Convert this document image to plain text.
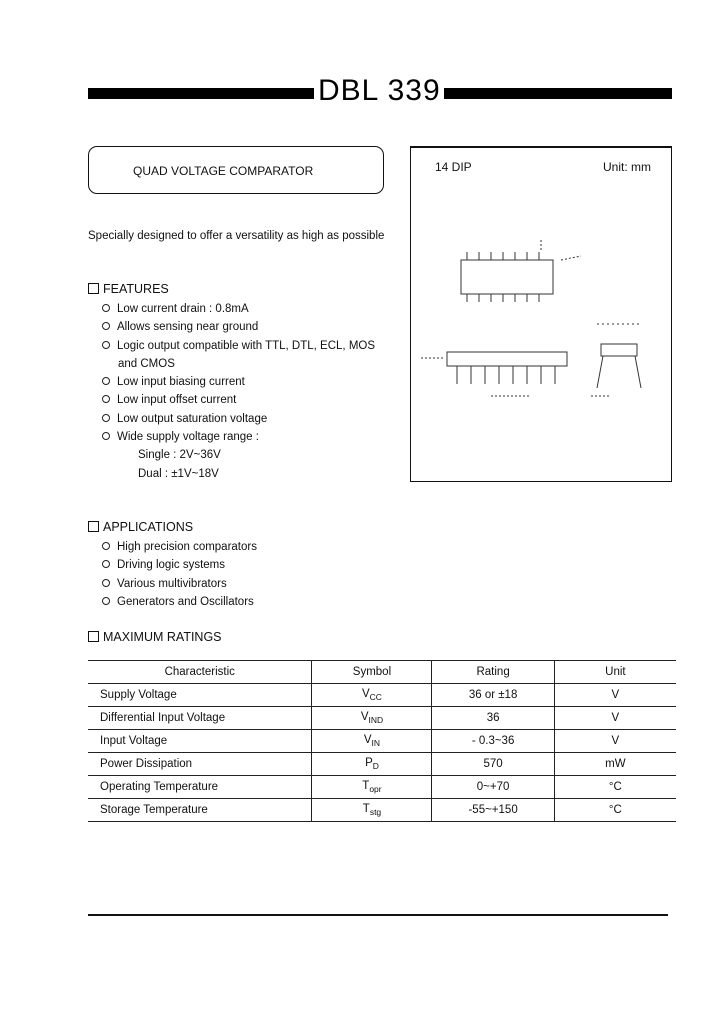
DBL 339
QUAD VOLTAGE COMPARATOR
Specially designed to offer a versatility as high as possible
FEATURES
Low current drain : 0.8mA
Allows sensing near ground
Logic output compatible with TTL, DTL, ECL, MOS
and CMOS
Low input biasing current
Low input offset current
Low output saturation voltage
Wide supply voltage range :
Single : 2V~36V
Dual : ±1V~18V
14 DIP	Unit: mm
APPLICATIONS
High precision comparators
Driving logic systems
Various multivibrators
Generators and Oscillators
MAXIMUM RATINGS
Characteristic	Symbol	Rating	Unit
Supply Voltage	$V_{CC}$	36 or ±18	V
Differential Input Voltage	$V_{IND}$	36	V
Input Voltage	$V_{IN}$	- 0.3~36	V
Power Dissipation	$P_D$	570	mW
Operating Temperature	$T_{opr}$	0~+70	°C
Storage Temperature	$T_{stg}$	-55~+150	°C
